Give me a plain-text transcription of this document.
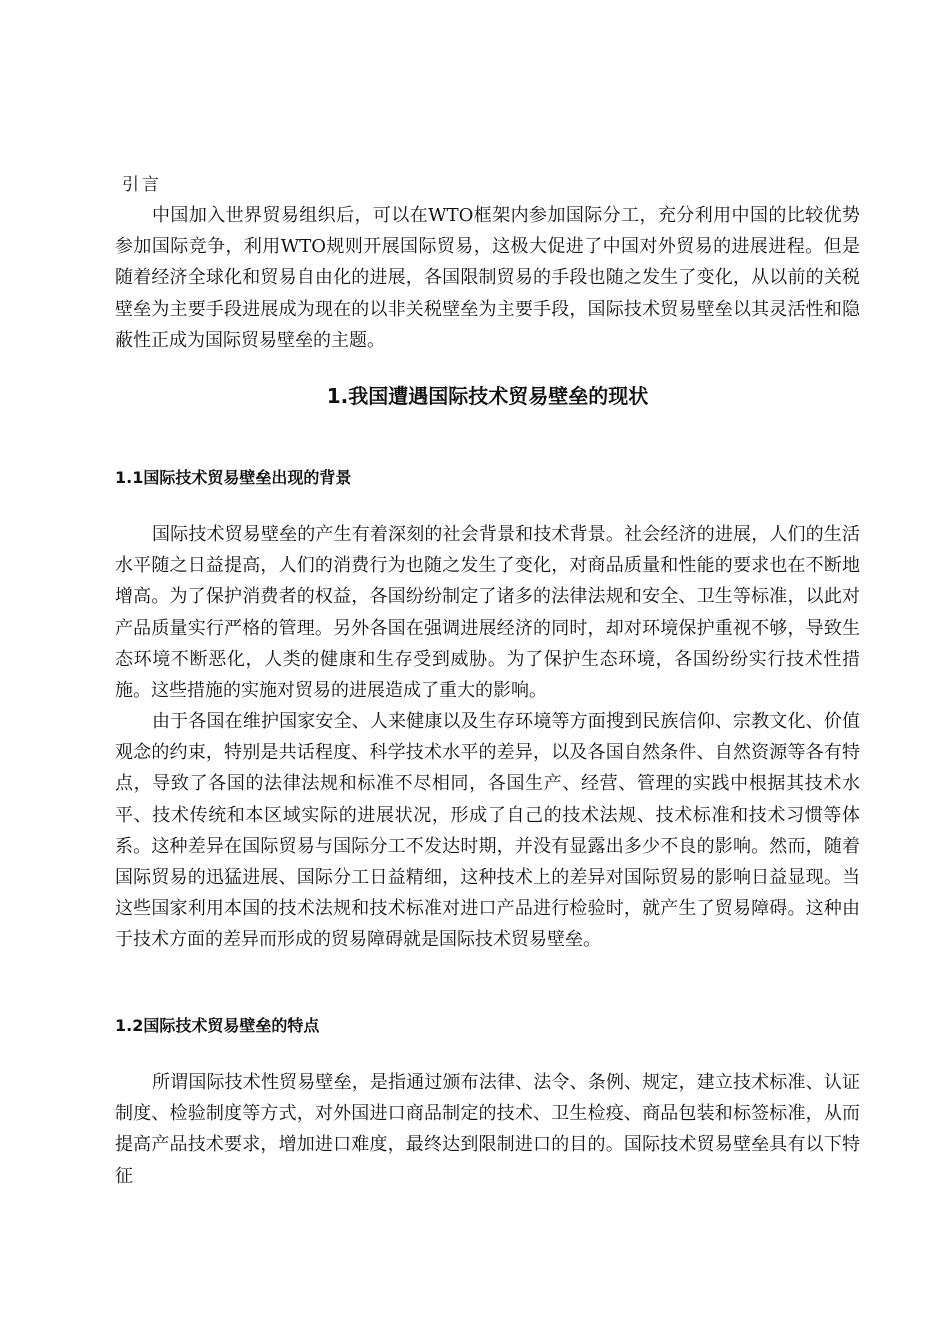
引言

中国加入世界贸易组织后，可以在WTO框架内参加国际分工，充分利用中国的比较优势参加国际竞争，利用WTO规则开展国际贸易，这极大促进了中国对外贸易的进展进程。但是随着经济全球化和贸易自由化的进展，各国限制贸易的手段也随之发生了变化，从以前的关税壁垒为主要手段进展成为现在的以非关税壁垒为主要手段，国际技术贸易壁垒以其灵活性和隐蔽性正成为国际贸易壁垒的主题。

1.我国遭遇国际技术贸易壁垒的现状
1.1国际技术贸易壁垒出现的背景

国际技术贸易壁垒的产生有着深刻的社会背景和技术背景。社会经济的进展，人们的生活水平随之日益提高，人们的消费行为也随之发生了变化，对商品质量和性能的要求也在不断地增高。为了保护消费者的权益，各国纷纷制定了诸多的法律法规和安全、卫生等标准，以此对产品质量实行严格的管理。另外各国在强调进展经济的同时，却对环境保护重视不够，导致生态环境不断恶化，人类的健康和生存受到威胁。为了保护生态环境，各国纷纷实行技术性措施。这些措施的实施对贸易的进展造成了重大的影响。

由于各国在维护国家安全、人来健康以及生存环境等方面搜到民族信仰、宗教文化、价值观念的约束，特别是共话程度、科学技术水平的差异，以及各国自然条件、自然资源等各有特点，导致了各国的法律法规和标准不尽相同，各国生产、经营、管理的实践中根据其技术水平、技术传统和本区域实际的进展状况，形成了自己的技术法规、技术标准和技术习惯等体系。这种差异在国际贸易与国际分工不发达时期，并没有显露出多少不良的影响。然而，随着国际贸易的迅猛进展、国际分工日益精细，这种技术上的差异对国际贸易的影响日益显现。当这些国家利用本国的技术法规和技术标准对进口产品进行检验时，就产生了贸易障碍。这种由于技术方面的差异而形成的贸易障碍就是国际技术贸易壁垒。

1.2国际技术贸易壁垒的特点

所谓国际技术性贸易壁垒，是指通过颁布法律、法令、条例、规定，建立技术标准、认证制度、检验制度等方式，对外国进口商品制定的技术、卫生检疫、商品包装和标签标准，从而提高产品技术要求，增加进口难度，最终达到限制进口的目的。国际技术贸易壁垒具有以下特征
